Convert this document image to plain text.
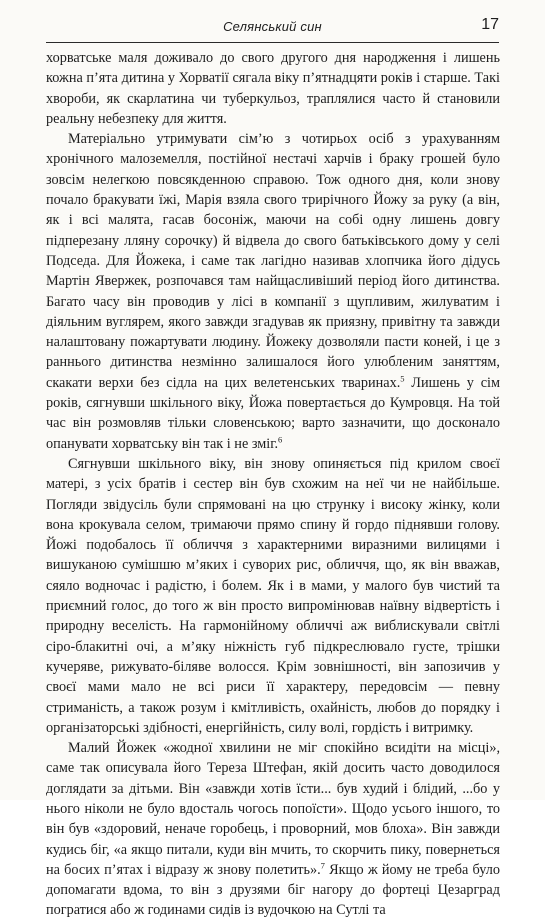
Селянський син	17

хорватське маля доживало до свого другого дня народження і лишень кожна п’ята дитина у Хорватії сягала віку п’ятнадцяти років і старше. Такі хвороби, як скарлатина чи туберкульоз, траплялися часто й становили реальну небезпеку для життя.

Матеріально утримувати сім’ю з чотирьох осіб з урахуванням хронічного малоземелля, постійної нестачі харчів і браку грошей було зовсім нелегкою повсякденною справою. Тож одного дня, коли знову почало бракувати їжі, Марія взяла свого трирічного Йожу за руку (а він, як і всі малята, гасав босоніж, маючи на собі одну лишень довгу підперезану лляну сорочку) й відвела до свого батьківського дому у селі Подседа. Для Йожека, і саме так лагідно називав хлопчика його дідусь Мартін Явержек, розпочався там найщасливіший період його дитинства. Багато часу він проводив у лісі в компанії з щупливим, жилуватим і діяльним вуглярем, якого завжди згадував як приязну, привітну та завжди налаштовану пожартувати людину. Йожеку дозволяли пасти коней, і це з раннього дитинства незмінно залишалося його улюбленим заняттям, скакати верхи без сідла на цих велетенських тваринах.$^5$ Лишень у сім років, сягнувши шкільного віку, Йожа повертається до Кумровця. На той час він розмовляв тільки словенською; варто зазначити, що досконало опанувати хорватську він так і не зміг.$^6$

Сягнувши шкільного віку, він знову опиняється під крилом своєї матері, з усіх братів і сестер він був схожим на неї чи не найбільше. Погляди звідусіль були спрямовані на цю струнку і високу жінку, коли вона крокувала селом, тримаючи прямо спину й гордо піднявши голову. Йожі подобалось її обличчя з характерними виразними вилицями і вишуканою сумішшю м’яких і суворих рис, обличчя, що, як він вважав, сяяло водночас і радістю, і болем. Як і в мами, у малого був чистий та приємний голос, до того ж він просто випромінював наївну відвертість і природну веселість. На гармонійному обличчі аж виблискували світлі сіро-блакитні очі, а м’яку ніжність губ підкреслювало густе, трішки кучеряве, рижувато-біляве волосся. Крім зовнішності, він запозичив у своєї мами мало не всі риси її характеру, передовсім — певну стриманість, а також розум і кмітливість, охайність, любов до порядку і організаторські здібності, енергійність, силу волі, гордість і витримку.

Малий Йожек «жодної хвилини не міг спокійно всидіти на місці», саме так описувала його Тереза Штефан, якій досить часто доводилося доглядати за дітьми. Він «завжди хотів їсти... був худий і блідий, ...бо у нього ніколи не було вдосталь чогось попоїсти». Щодо усього іншого, то він був «здоровий, неначе горобець, і проворний, мов блоха». Він завжди кудись біг, «а якщо питали, куди він мчить, то скорчить пику, повернеться на босих п’ятах і відразу ж знову полетить».$^7$ Якщо ж йому не треба було допомагати вдома, то він з друзями біг нагору до фортеці Цезарград погратися або ж годинами сидів із вудочкою на Сутлі та
